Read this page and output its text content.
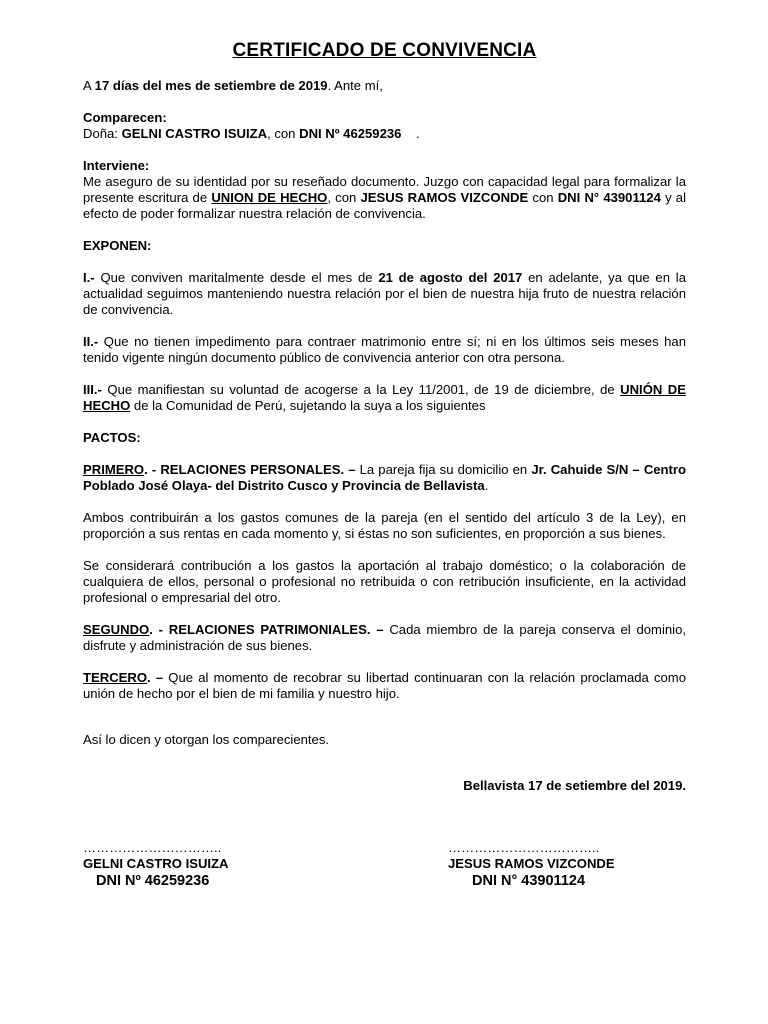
CERTIFICADO DE CONVIVENCIA

A 17 días del mes de setiembre de 2019. Ante mí,

Comparecen:

Doña: GELNI CASTRO ISUIZA, con DNI Nº 46259236    .

Interviene:

Me aseguro de su identidad por su reseñado documento. Juzgo con capacidad legal para formalizar la presente escritura de UNION DE HECHO, con JESUS RAMOS VIZCONDE con DNI N° 43901124 y al efecto de poder formalizar nuestra relación de convivencia.

EXPONEN:

I.- Que conviven maritalmente desde el mes de 21 de agosto del 2017 en adelante, ya que en la actualidad seguimos manteniendo nuestra relación por el bien de nuestra hija fruto de nuestra relación de convivencia.

II.- Que no tienen impedimento para contraer matrimonio entre sí; ni en los últimos seis meses han tenido vigente ningún documento público de convivencia anterior con otra persona.

III.- Que manifiestan su voluntad de acogerse a la Ley 11/2001, de 19 de diciembre, de UNIÓN DE HECHO de la Comunidad de Perú, sujetando la suya a los siguientes

PACTOS:

PRIMERO. - RELACIONES PERSONALES. – La pareja fija su domicilio en Jr. Cahuide S/N – Centro Poblado José Olaya- del Distrito Cusco y Provincia de Bellavista.

Ambos contribuirán a los gastos comunes de la pareja (en el sentido del artículo 3 de la Ley), en proporción a sus rentas en cada momento y, si éstas no son suficientes, en proporción a sus bienes.

Se considerará contribución a los gastos la aportación al trabajo doméstico; o la colaboración de cualquiera de ellos, personal o profesional no retribuida o con retribución insuficiente, en la actividad profesional o empresarial del otro.

SEGUNDO. - RELACIONES PATRIMONIALES. – Cada miembro de la pareja conserva el dominio, disfrute y administración de sus bienes.

TERCERO. – Que al momento de recobrar su libertad continuaran con la relación proclamada como unión de hecho por el bien de mi familia y nuestro hijo.

Así lo dicen y otorgan los comparecientes.

Bellavista 17 de setiembre del 2019.

…………………………..
GELNI CASTRO ISUIZA
DNI Nº 46259236
……………………………..
JESUS RAMOS VIZCONDE
DNI N° 43901124
